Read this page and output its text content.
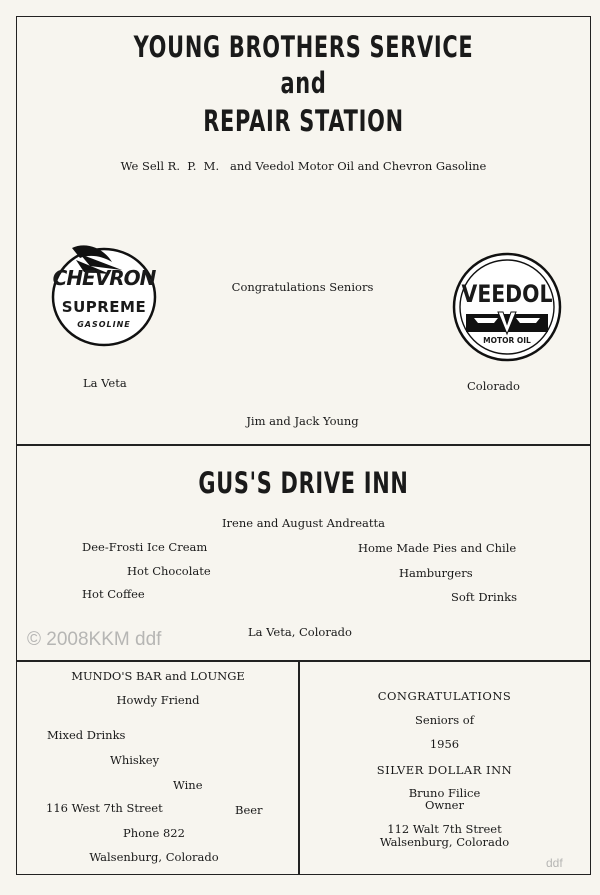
YOUNG BROTHERS SERVICE
and
REPAIR STATION
We Sell R.  P.  M.   and Veedol Motor Oil and Chevron Gasoline
CHEVRON
SUPREME
GASOLINE
Congratulations Seniors	VEEDOL
MOTOR OIL
La Veta	Colorado
Jim and Jack Young
GUS'S DRIVE INN
Irene and August Andreatta
Dee-Frosti Ice Cream
Hot Chocolate
Hot Coffee
Home Made Pies and Chile
Hamburgers
Soft Drinks
La Veta, Colorado
© 2008KKM ddf
MUNDO'S BAR and LOUNGE
Howdy Friend
Mixed Drinks
Whiskey
Wine
116 West 7th Street	Beer
Phone 822
Walsenburg, Colorado
CONGRATULATIONS
Seniors of
1956
SILVER DOLLAR INN
Bruno Filice
Owner
112 Walt 7th Street
Walsenburg, Colorado
ddf
